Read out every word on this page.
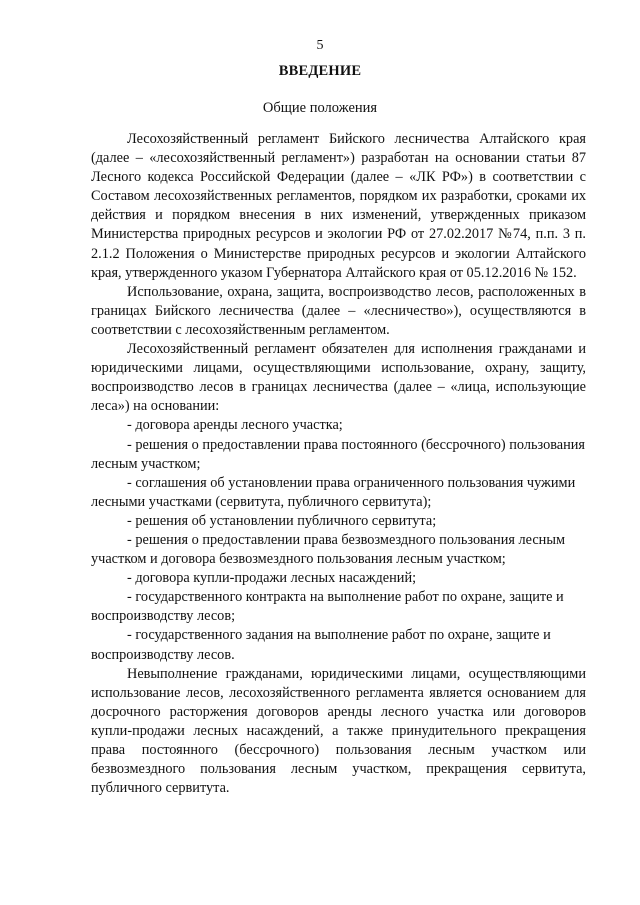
5
ВВЕДЕНИЕ
Общие положения

Лесохозяйственный регламент Бийского лесничества Алтайского края (далее – «лесохозяйственный регламент») разработан на основании статьи 87 Лесного кодекса Российской Федерации (далее – «ЛК РФ») в соответствии с Составом лесохозяйственных регламентов, порядком их разработки, сроками их действия и порядком внесения в них изменений, утвержденных приказом Министерства природных ресурсов и экологии РФ от 27.02.2017 №74, п.п. 3 п. 2.1.2 Положения о Министерстве природных ресурсов и экологии Алтайского края, утвержденного указом Губернатора Алтайского края от 05.12.2016 № 152.

Использование, охрана, защита, воспроизводство лесов, расположенных в границах Бийского лесничества (далее – «лесничество»), осуществляются в соответствии с лесохозяйственным регламентом.

Лесохозяйственный регламент обязателен для исполнения гражданами и юридическими лицами, осуществляющими использование, охрану, защиту, воспроизводство лесов в границах лесничества (далее – «лица, использующие леса») на основании:

- договора аренды лесного участка;

- решения о предоставлении права постоянного (бессрочного) пользования лесным участком;

- соглашения об установлении права ограниченного пользования чужими лесными участками (сервитута, публичного сервитута);

- решения об установлении публичного сервитута;

- решения о предоставлении права безвозмездного пользования лесным участком и договора безвозмездного пользования лесным участком;

- договора купли-продажи лесных насаждений;

- государственного контракта на выполнение работ по охране, защите и воспроизводству лесов;

- государственного задания на выполнение работ по охране, защите и воспроизводству лесов.

Невыполнение гражданами, юридическими лицами, осуществляющими использование лесов, лесохозяйственного регламента является основанием для досрочного расторжения договоров аренды лесного участка или договоров купли-продажи лесных насаждений, а также принудительного прекращения права постоянного (бессрочного) пользования лесным участком или безвозмездного пользования лесным участком, прекращения сервитута, публичного сервитута.
